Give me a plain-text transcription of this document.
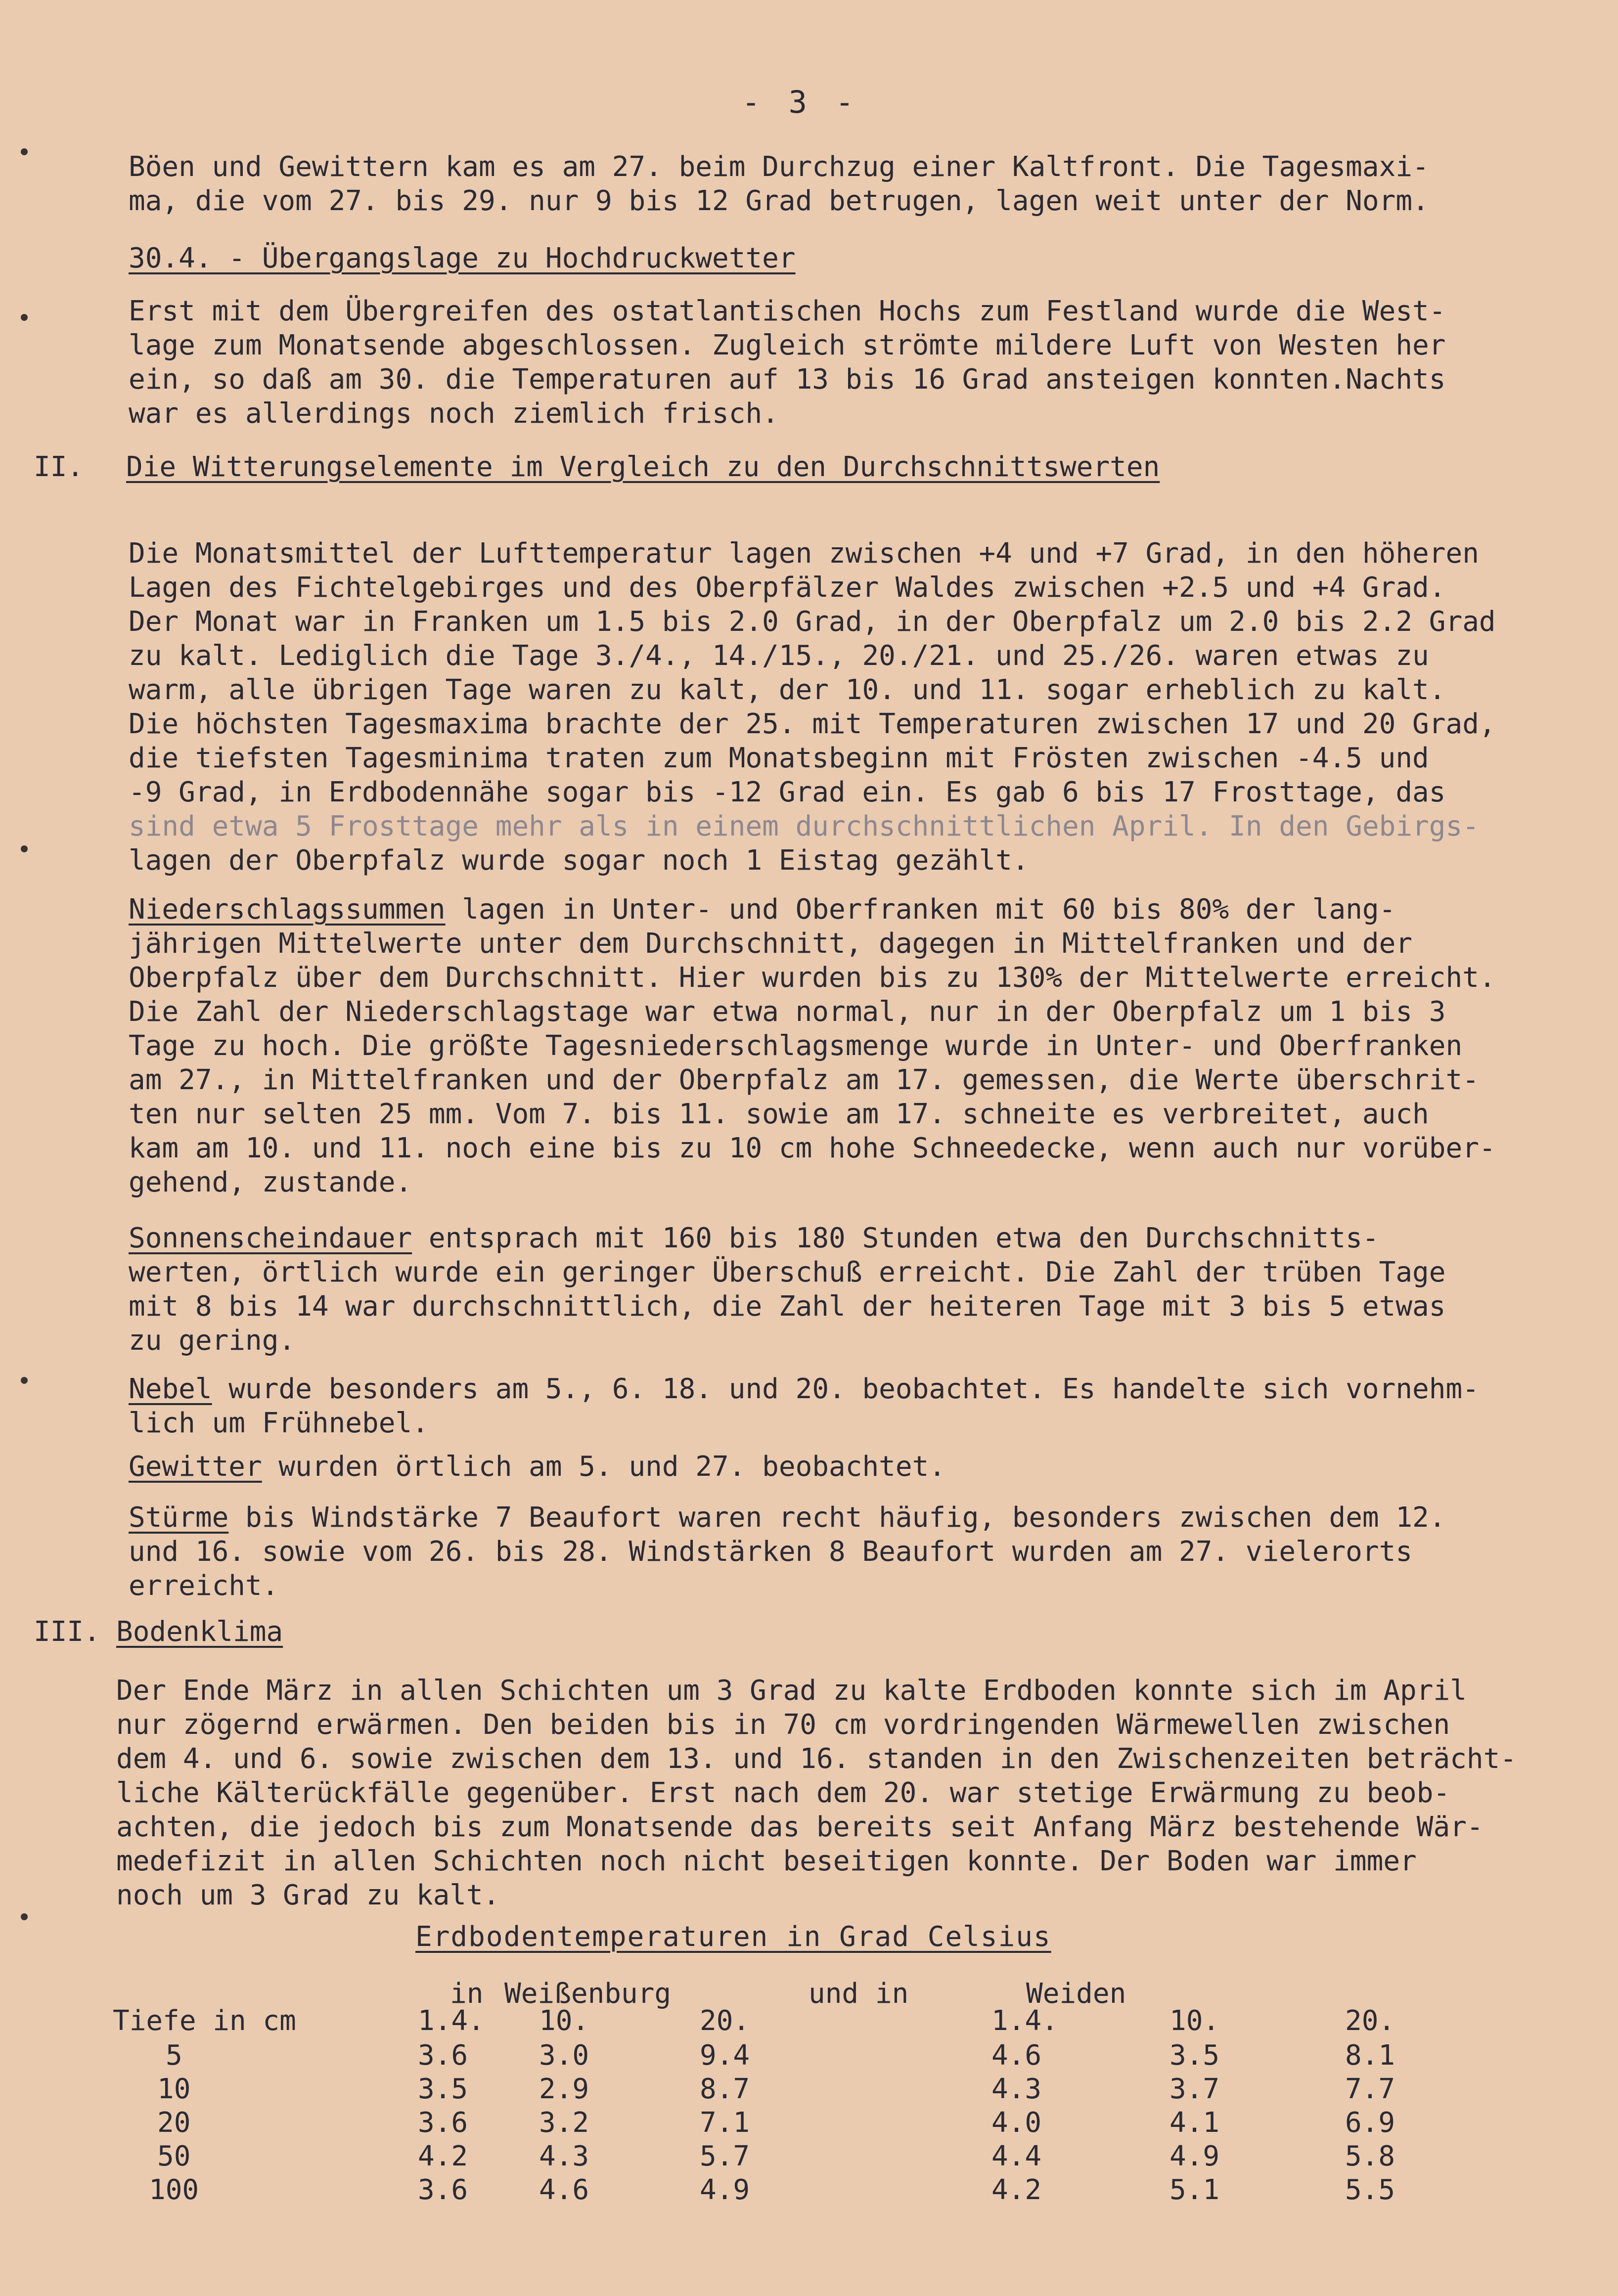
- 3 -
Böen und Gewittern kam es am 27. beim Durchzug einer Kaltfront. Die Tagesmaxi-
ma, die vom 27. bis 29. nur 9 bis 12 Grad betrugen, lagen weit unter der Norm.
30.4. - Übergangslage zu Hochdruckwetter
Erst mit dem Übergreifen des ostatlantischen Hochs zum Festland wurde die West-
lage zum Monatsende abgeschlossen. Zugleich strömte mildere Luft von Westen her
ein, so daß am 30. die Temperaturen auf 13 bis 16 Grad ansteigen konnten.Nachts
war es allerdings noch ziemlich frisch.
II. Die Witterungselemente im Vergleich zu den Durchschnittswerten
Die Monatsmittel der Lufttemperatur lagen zwischen +4 und +7 Grad, in den höheren
Lagen des Fichtelgebirges und des Oberpfälzer Waldes zwischen +2.5 und +4 Grad.
Der Monat war in Franken um 1.5 bis 2.0 Grad, in der Oberpfalz um 2.0 bis 2.2 Grad
zu kalt. Lediglich die Tage 3./4., 14./15., 20./21. und 25./26. waren etwas zu
warm, alle übrigen Tage waren zu kalt, der 10. und 11. sogar erheblich zu kalt.
Die höchsten Tagesmaxima brachte der 25. mit Temperaturen zwischen 17 und 20 Grad,
die tiefsten Tagesminima traten zum Monatsbeginn mit Frösten zwischen -4.5 und
-9 Grad, in Erdbodennähe sogar bis -12 Grad ein. Es gab 6 bis 17 Frosttage, das
sind etwa 5 Frosttage mehr als in einem durchschnittlichen April. In den Gebirgs-
lagen der Oberpfalz wurde sogar noch 1 Eistag gezählt.
Niederschlagssummen lagen in Unter- und Oberfranken mit 60 bis 80% der lang-
jährigen Mittelwerte unter dem Durchschnitt, dagegen in Mittelfranken und der
Oberpfalz über dem Durchschnitt. Hier wurden bis zu 130% der Mittelwerte erreicht.
Die Zahl der Niederschlagstage war etwa normal, nur in der Oberpfalz um 1 bis 3
Tage zu hoch. Die größte Tagesniederschlagsmenge wurde in Unter- und Oberfranken
am 27., in Mittelfranken und der Oberpfalz am 17. gemessen, die Werte überschrit-
ten nur selten 25 mm. Vom 7. bis 11. sowie am 17. schneite es verbreitet, auch
kam am 10. und 11. noch eine bis zu 10 cm hohe Schneedecke, wenn auch nur vorüber-
gehend, zustande.
Sonnenscheindauer entsprach mit 160 bis 180 Stunden etwa den Durchschnitts-
werten, örtlich wurde ein geringer Überschuß erreicht. Die Zahl der trüben Tage
mit 8 bis 14 war durchschnittlich, die Zahl der heiteren Tage mit 3 bis 5 etwas
zu gering.
Nebel wurde besonders am 5., 6. 18. und 20. beobachtet. Es handelte sich vornehm-
lich um Frühnebel.
Gewitter wurden örtlich am 5. und 27. beobachtet.
Stürme bis Windstärke 7 Beaufort waren recht häufig, besonders zwischen dem 12.
und 16. sowie vom 26. bis 28. Windstärken 8 Beaufort wurden am 27. vielerorts
erreicht.
III. Bodenklima
Der Ende März in allen Schichten um 3 Grad zu kalte Erdboden konnte sich im April
nur zögernd erwärmen. Den beiden bis in 70 cm vordringenden Wärmewellen zwischen
dem 4. und 6. sowie zwischen dem 13. und 16. standen in den Zwischenzeiten beträcht-
liche Kälterückfälle gegenüber. Erst nach dem 20. war stetige Erwärmung zu beob-
achten, die jedoch bis zum Monatsende das bereits seit Anfang März bestehende Wär-
medefizit in allen Schichten noch nicht beseitigen konnte. Der Boden war immer
noch um 3 Grad zu kalt.
Erdbodentemperaturen in Grad Celsius
in Weißenburg	und in	Weiden
Tiefe in cm	1.4. 10.	20.	1.4.	10.	20.
5	3.6	3.0	9.4	4.6	3.5	8.1
10	3.5	2.9	8.7	4.3	3.7	7.7
20	3.6	3.2	7.1	4.0	4.1	6.9
50	4.2	4.3	5.7	4.4	4.9	5.8
100	3.6	4.6	4.9	4.2	5.1	5.5
